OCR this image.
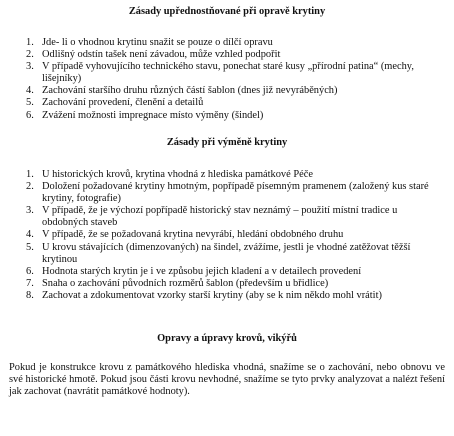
Zásady upřednostňované při opravě krytiny
1. Jde- li o vhodnou krytinu snažit se pouze o dílčí opravu
2. Odlišný odstín tašek není závadou, může vzhled podpořit
3. V případě vyhovujícího technického stavu, ponechat staré kusy „přírodní patina“ (mechy, lišejníky)
4. Zachování staršího druhu různých částí šablon (dnes již nevyráběných)
5. Zachování provedení, členění a detailů
6. Zvážení možnosti impregnace místo výměny (šindel)
Zásady při výměně krytiny
1. U historických krovů, krytina vhodná z hlediska památkové Péče
2. Doložení požadované krytiny hmotným, popřípadě písemným pramenem (založený kus staré krytiny, fotografie)
3. V případě, že je výchozí popřípadě historický stav neznámý – použití místní tradice u obdobných staveb
4. V případě, že se požadovaná krytina nevyrábí, hledání obdobného druhu
5. U krovu stávajících (dimenzovaných) na šindel, zvážíme, jestli je vhodné zatěžovat těžší krytinou
6. Hodnota starých krytin je i ve způsobu jejich kladení a v detailech provedení
7. Snaha o zachování původních rozměrů šablon (především u břidlice)
8. Zachovat a zdokumentovat vzorky starší krytiny (aby se k nim někdo mohl vrátit)
Opravy a úpravy krovů, vikýřů

Pokud je konstrukce krovu z památkového hlediska vhodná, snažíme se o zachování, nebo obnovu ve své historické hmotě. Pokud jsou části krovu nevhodné, snažíme se tyto prvky analyzovat a nalézt řešení jak zachovat (navrátit památkové hodnoty).
